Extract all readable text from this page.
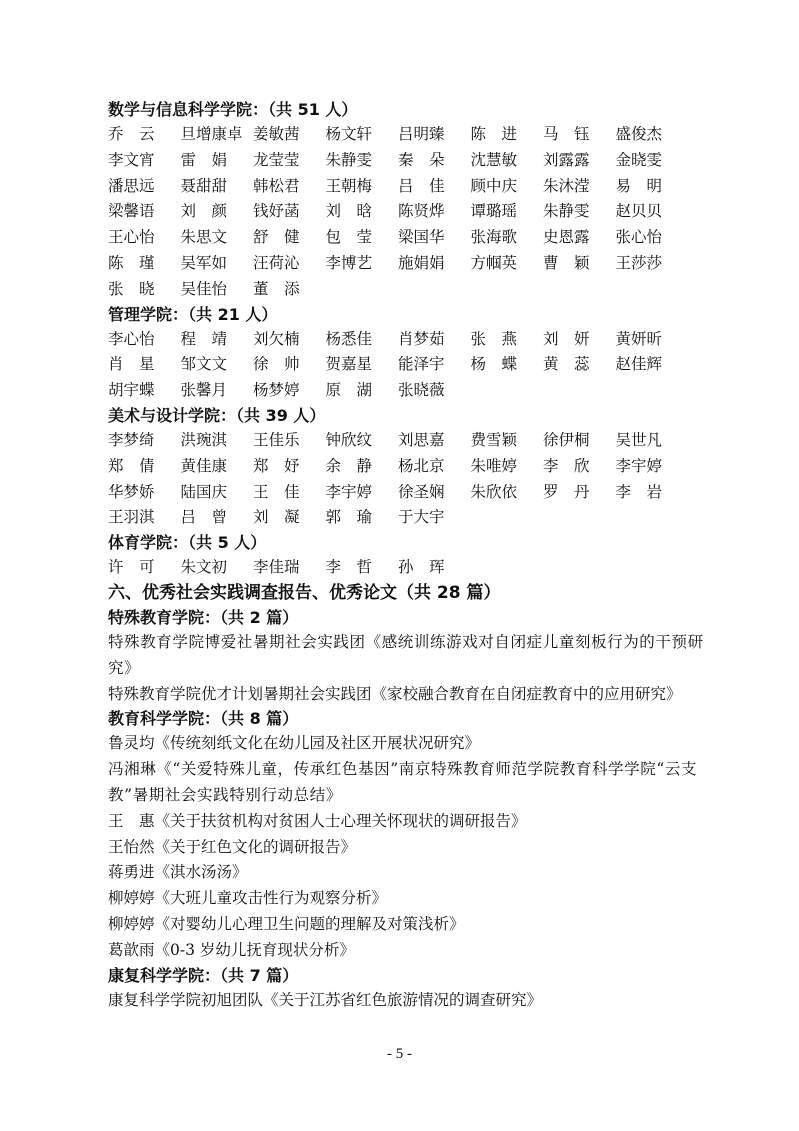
数学与信息科学学院：（共 51 人）
乔　云	旦增康卓 姜敏茜	杨文轩	吕明臻	陈　进	马　钰	盛俊杰
李文宵	雷　娟	龙莹莹	朱静雯	秦　朵	沈慧敏	刘露露	金晓雯
潘思远	聂甜甜	韩松君	王朝梅	吕　佳	顾中庆	朱沐滢	易　明
梁馨语	刘　颜	钱妤菡	刘　晗	陈贤烨	谭璐瑶	朱静雯	赵贝贝
王心怡	朱思文	舒　健	包　莹	梁国华	张海歌	史恩露	张心怡
陈　瑾	吴军如	汪荷沁	李博艺	施娟娟	方帼英	曹　颖	王莎莎
张　晓	吴佳怡	董　添
管理学院：（共 21 人）
李心怡	程　靖	刘欠楠	杨悉佳	肖梦茹	张　燕	刘　妍	黄妍昕
肖　星	邹文文	徐　帅	贺嘉星	能泽宇	杨　蝶	黄　蕊	赵佳辉
胡宇蝶	张馨月	杨梦婷	原　湖	张晓薇
美术与设计学院：（共 39 人）
李梦绮	洪琬淇	王佳乐	钟欣纹	刘思嘉	费雪颖	徐伊桐	吴世凡
郑　倩	黄佳康	郑　妤	余　静	杨北京	朱唯婷	李　欣	李宇婷
华梦娇	陆国庆	王　佳	李宇婷	徐圣娴	朱欣依	罗　丹	李　岩
王羽淇	吕　曾	刘　凝	郭　瑜	于大宇
体育学院：（共 5 人）
许　可	朱文初	李佳瑞	李　哲	孙　珲
六、优秀社会实践调查报告、优秀论文（共 28 篇）
特殊教育学院：（共 2 篇）
特殊教育学院博爱社暑期社会实践团《感统训练游戏对自闭症儿童刻板行为的干预研究》
特殊教育学院优才计划暑期社会实践团《家校融合教育在自闭症教育中的应用研究》
教育科学学院：（共 8 篇）
鲁灵均《传统刻纸文化在幼儿园及社区开展状况研究》
冯湘琳《“关爱特殊儿童，传承红色基因”南京特殊教育师范学院教育科学学院“云支教”暑期社会实践特别行动总结》
王　惠《关于扶贫机构对贫困人士心理关怀现状的调研报告》
王怡然《关于红色文化的调研报告》
蒋勇进《淇水汤汤》
柳婷婷《大班儿童攻击性行为观察分析》
柳婷婷《对婴幼儿心理卫生问题的理解及对策浅析》
葛歆雨《0-3 岁幼儿抚育现状分析》
康复科学学院：（共 7 篇）
康复科学学院初旭团队《关于江苏省红色旅游情况的调查研究》
- 5 -
